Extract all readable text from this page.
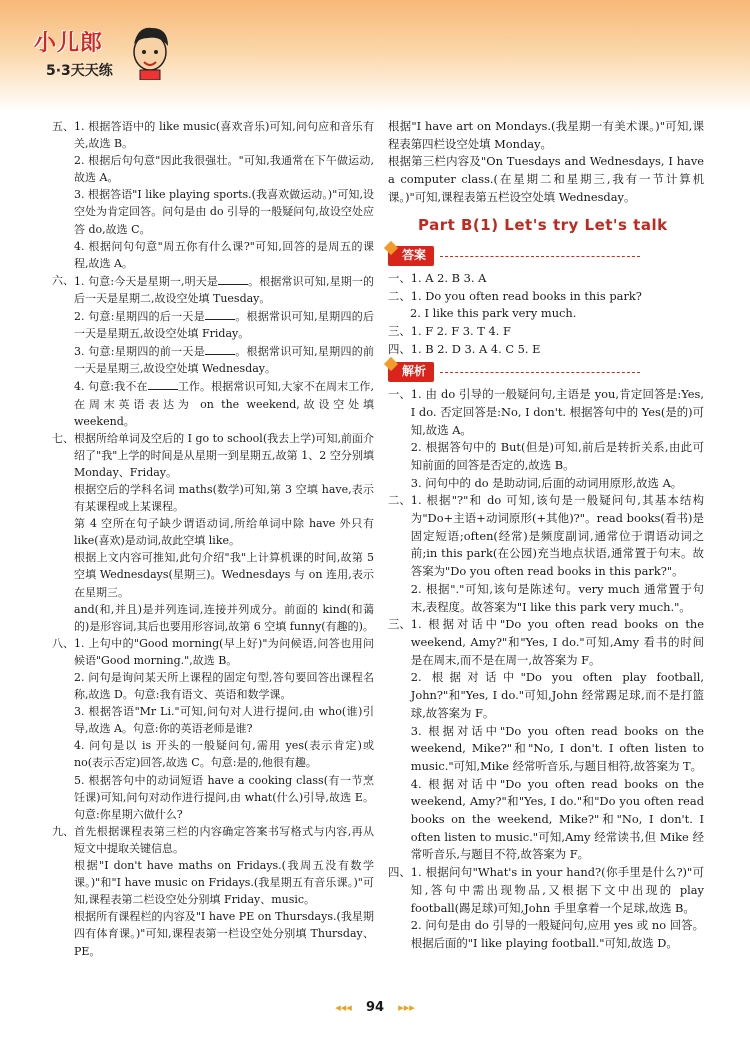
小儿郎
5·3天天练
五、 1. 根据答语中的 like music(喜欢音乐)可知,问句应和音乐有关,故选 B。

2. 根据后句句意"因此我很强壮。"可知,我通常在下午做运动,故选 A。

3. 根据答语"I like playing sports.(我喜欢做运动。)"可知,设空处为肯定回答。问句是由 do 引导的一般疑问句,故设空处应答 do,故选 C。

4. 根据问句句意"周五你有什么课?"可知,回答的是周五的课程,故选 A。

六、 1. 句意:今天是星期一,明天是	。根据常识可知,星期一的后一天是星期二,故设空处填 Tuesday。

2. 句意:星期四的后一天是	。根据常识可知,星期四的后一天是星期五,故设空处填 Friday。

3. 句意:星期四的前一天是	。根据常识可知,星期四的前一天是星期三,故设空处填 Wednesday。

4. 句意:我不在	工作。根据常识可知,大家不在周末工作,在周末英语表达为 on the weekend,故设空处填 weekend。

七、 根据所给单词及空后的 I go to school(我去上学)可知,前面介绍了"我"上学的时间是从星期一到星期五,故第 1、2 空分别填 Monday、Friday。

根据空后的学科名词 maths(数学)可知,第 3 空填 have,表示有某课程或上某课程。

第 4 空所在句子缺少谓语动词,所给单词中除 have 外只有 like(喜欢)是动词,故此空填 like。

根据上文内容可推知,此句介绍"我"上计算机课的时间,故第 5 空填 Wednesdays(星期三)。Wednesdays 与 on 连用,表示在星期三。

and(和,并且)是并列连词,连接并列成分。前面的 kind(和蔼的)是形容词,其后也要用形容词,故第 6 空填 funny(有趣的)。

八、 1. 上句中的"Good morning(早上好)"为问候语,问答也用问候语"Good morning.",故选 B。

2. 问句是询问某天所上课程的固定句型,答句要回答出课程名称,故选 D。句意:我有语文、英语和数学课。

3. 根据答语"Mr Li."可知,问句对人进行提问,由 who(谁)引导,故选 A。句意:你的英语老师是谁?

4. 问句是以 is 开头的一般疑问句,需用 yes(表示肯定)或 no(表示否定)回答,故选 C。句意:是的,他很有趣。

5. 根据答句中的动词短语 have a cooking class(有一节烹饪课)可知,问句对动作进行提问,由 what(什么)引导,故选 E。句意:你星期六做什么?

九、 首先根据课程表第三栏的内容确定答案书写格式与内容,再从短文中提取关键信息。

根据"I don't have maths on Fridays.(我周五没有数学课。)"和"I have music on Fridays.(我星期五有音乐课。)"可知,课程表第二栏设空处分别填 Friday、music。

根据所有课程栏的内容及"I have PE on Thursdays.(我星期四有体育课。)"可知,课程表第一栏设空处分别填 Thursday、PE。

根据"I have art on Mondays.(我星期一有美术课。)"可知,课程表第四栏设空处填 Monday。

根据第三栏内容及"On Tuesdays and Wednesdays, I have a computer class.(在星期二和星期三,我有一节计算机课。)"可知,课程表第五栏设空处填 Wednesday。

Part B(1) Let's try Let's talk
答案

一、1. A 2. B 3. A

二、1. Do you often read books in this park?

2. I like this park very much.

三、1. F 2. F 3. T 4. F

四、1. B 2. D 3. A 4. C 5. E

解析
一、 1. 由 do 引导的一般疑问句,主语是 you,肯定回答是:Yes, I do. 否定回答是:No, I don't. 根据答句中的 Yes(是的)可知,故选 A。

2. 根据答句中的 But(但是)可知,前后是转折关系,由此可知前面的回答是否定的,故选 B。

3. 问句中的 do 是助动词,后面的动词用原形,故选 A。

二、 1. 根据"?"和 do 可知,该句是一般疑问句,其基本结构为"Do+主语+动词原形(+其他)?"。read books(看书)是固定短语;often(经常)是频度副词,通常位于谓语动词之前;in this park(在公园)充当地点状语,通常置于句末。故答案为"Do you often read books in this park?"。

2. 根据"."可知,该句是陈述句。very much 通常置于句末,表程度。故答案为"I like this park very much."。

三、 1. 根据对话中"Do you often read books on the weekend, Amy?"和"Yes, I do."可知,Amy 看书的时间是在周末,而不是在周一,故答案为 F。

2. 根据对话中"Do you often play football, John?"和"Yes, I do."可知,John 经常踢足球,而不是打篮球,故答案为 F。

3. 根据对话中"Do you often read books on the weekend, Mike?"和"No, I don't. I often listen to music."可知,Mike 经常听音乐,与题目相符,故答案为 T。

4. 根据对话中"Do you often read books on the weekend, Amy?"和"Yes, I do."和"Do you often read books on the weekend, Mike?"和"No, I don't. I often listen to music."可知,Amy 经常读书,但 Mike 经常听音乐,与题目不符,故答案为 F。

四、 1. 根据问句"What's in your hand?(你手里是什么?)"可知,答句中需出现物品,又根据下文中出现的 play football(踢足球)可知,John 手里拿着一个足球,故选 B。

2. 问句是由 do 引导的一般疑问句,应用 yes 或 no 回答。根据后面的"I like playing football."可知,故选 D。

◂◂◂ 94 ▸▸▸
